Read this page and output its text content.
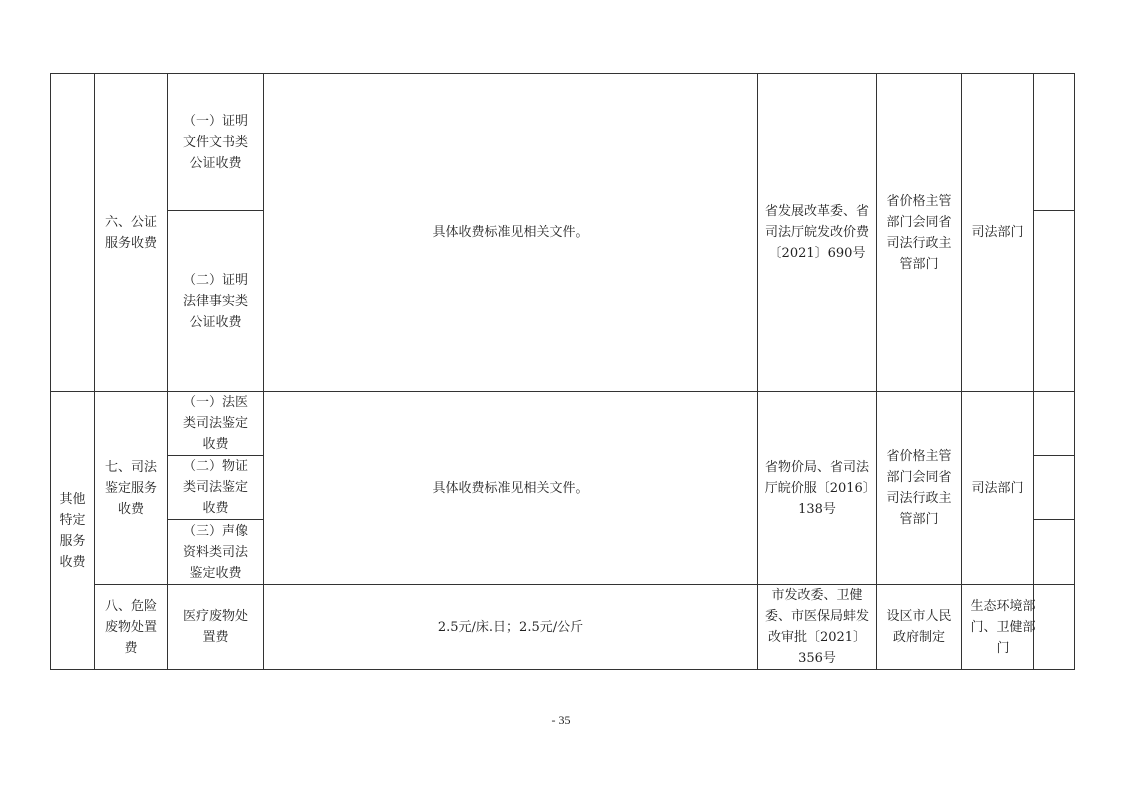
	六、公证服务收费	（一）证明文件文书类公证收费	具体收费标准见相关文件。	省发展改革委、省司法厅皖发改价费〔2021〕690号	省价格主管部门会同省司法行政主管部门	司法部门	
		（二）证明法律事实类公证收费					
其他特定服务收费	七、司法鉴定服务收费	（一）法医类司法鉴定收费	具体收费标准见相关文件。	省物价局、省司法厅皖价服〔2016〕138号	省价格主管部门会同省司法行政主管部门	司法部门	
		（二）物证类司法鉴定收费					
		（三）声像资料类司法鉴定收费					
	八、危险废物处置费	医疗废物处置费	2.5元/床.日；2.5元/公斤	市发改委、卫健委、市医保局蚌发改审批〔2021〕356号	设区市人民政府制定	生态环境部门、卫健部门	
- 35
